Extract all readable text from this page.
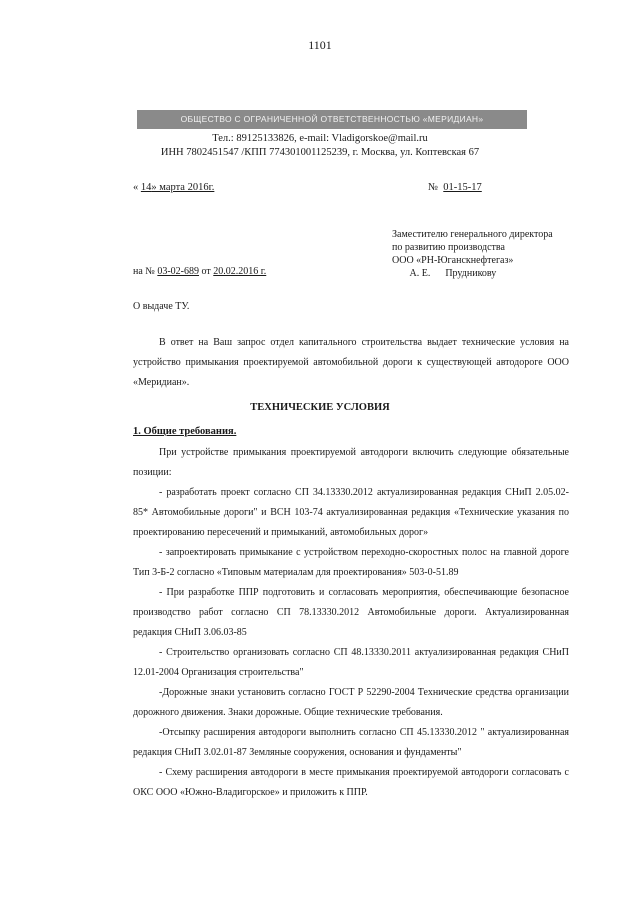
1101
ОБЩЕСТВО С ОГРАНИЧЕННОЙ ОТВЕТСТВЕННОСТЬЮ «МЕРИДИАН»
Тел.: 89125133826, e-mail: Vladigorskoe@mail.ru
ИНН 7802451547 /КПП 774301001125239, г. Москва, ул. Коптевская 67
« 14» марта 2016г.	№ 01-15-17
Заместителю генерального директора
по развитию производства
ООО «РН-Юганскнефтегаз»
А. Е.      Прудникову
на № 03-02-689 от 20.02.2016 г.
О выдаче ТУ.

В ответ на Ваш запрос отдел капитального строительства выдает технические условия на устройство примыкания проектируемой автомобильной дороги к существующей автодороге ООО «Меридиан».

ТЕХНИЧЕСКИЕ УСЛОВИЯ
1. Общие требования.

При устройстве примыкания проектируемой автодороги включить следующие обязательные позиции:

- разработать проект согласно СП 34.13330.2012 актуализированная редакция СНиП 2.05.02-85* Автомобильные дороги" и ВСН 103-74 актуализированная редакция «Технические указания по проектированию пересечений и примыканий, автомобильных дорог»

- запроектировать примыкание с устройством переходно-скоростных полос на главной дороге Тип 3-Б-2 согласно «Типовым материалам для проектирования» 503-0-51.89

- При разработке ППР подготовить и согласовать мероприятия, обеспечивающие безопасное производство работ согласно СП 78.13330.2012 Автомобильные дороги. Актуализированная редакция СНиП 3.06.03-85

- Строительство организовать согласно СП 48.13330.2011 актуализированная редакция СНиП 12.01-2004 Организация строительства"

-Дорожные знаки установить согласно ГОСТ Р 52290-2004 Технические средства организации дорожного движения. Знаки дорожные. Общие технические требования.

-Отсыпку расширения автодороги выполнить согласно СП 45.13330.2012 " актуализированная редакция СНиП 3.02.01-87 Земляные сооружения, основания и фундаменты"

- Схему расширения автодороги в месте примыкания проектируемой автодороги согласовать с ОКС ООО «Южно-Владигорское» и приложить к ППР.
